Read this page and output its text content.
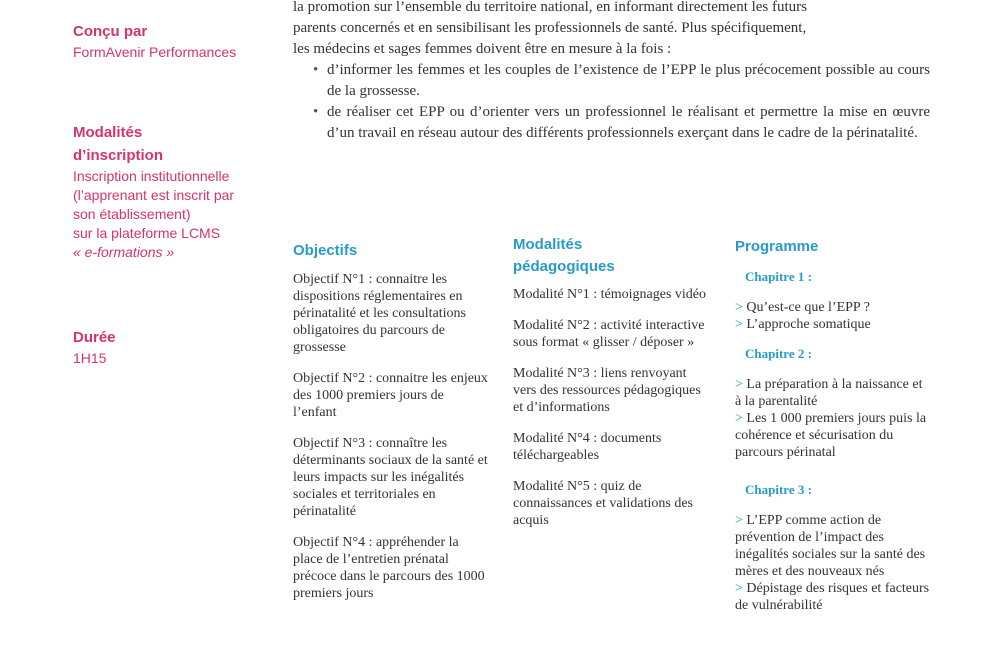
Conçu par
FormAvenir Performances
Modalités
d’inscription
Inscription institutionnelle
(l’apprenant est inscrit par
son établissement)
sur la plateforme LCMS
« e-formations »
Durée
1H15

la promotion sur l’ensemble du territoire national, en informant directement les futurs

parents concernés et en sensibilisant les professionnels de santé. Plus spécifiquement,

les médecins et sages femmes doivent être en mesure à la fois :

• d’informer les femmes et les couples de l’existence de l’EPP le plus précocement possible au cours de la grossesse.
• de réaliser cet EPP ou d’orienter vers un professionnel le réalisant et permettre la mise en œuvre d’un travail en réseau autour des différents professionnels exerçant dans le cadre de la périnatalité.
Objectifs

Objectif N°1 : connaitre les dispositions réglementaires en périnatalité et les consultations obligatoires du parcours de grossesse

Objectif N°2 : connaitre les enjeux des 1000 premiers jours de l’enfant

Objectif N°3 : connaître les déterminants sociaux de la santé et leurs impacts sur les inégalités sociales et territoriales en périnatalité

Objectif N°4 : appréhender la place de l’entretien prénatal précoce dans le parcours des 1000 premiers jours

Modalités
pédagogiques

Modalité N°1 : témoignages vidéo

Modalité N°2 : activité interactive sous format « glisser / déposer »

Modalité N°3 : liens renvoyant vers des ressources pédagogiques et d’informations

Modalité N°4 : documents téléchargeables

Modalité N°5 : quiz de connaissances et validations des acquis

Programme
Chapitre 1 :
> Qu’est-ce que l’EPP ?
> L’approche somatique
Chapitre 2 :
> La préparation à la naissance et à la parentalité
> Les 1 000 premiers jours puis la cohérence et sécurisation du parcours périnatal
Chapitre 3 :
> L’EPP comme action de prévention de l’impact des inégalités sociales sur la santé des mères et des nouveaux nés
> Dépistage des risques et facteurs de vulnérabilité
